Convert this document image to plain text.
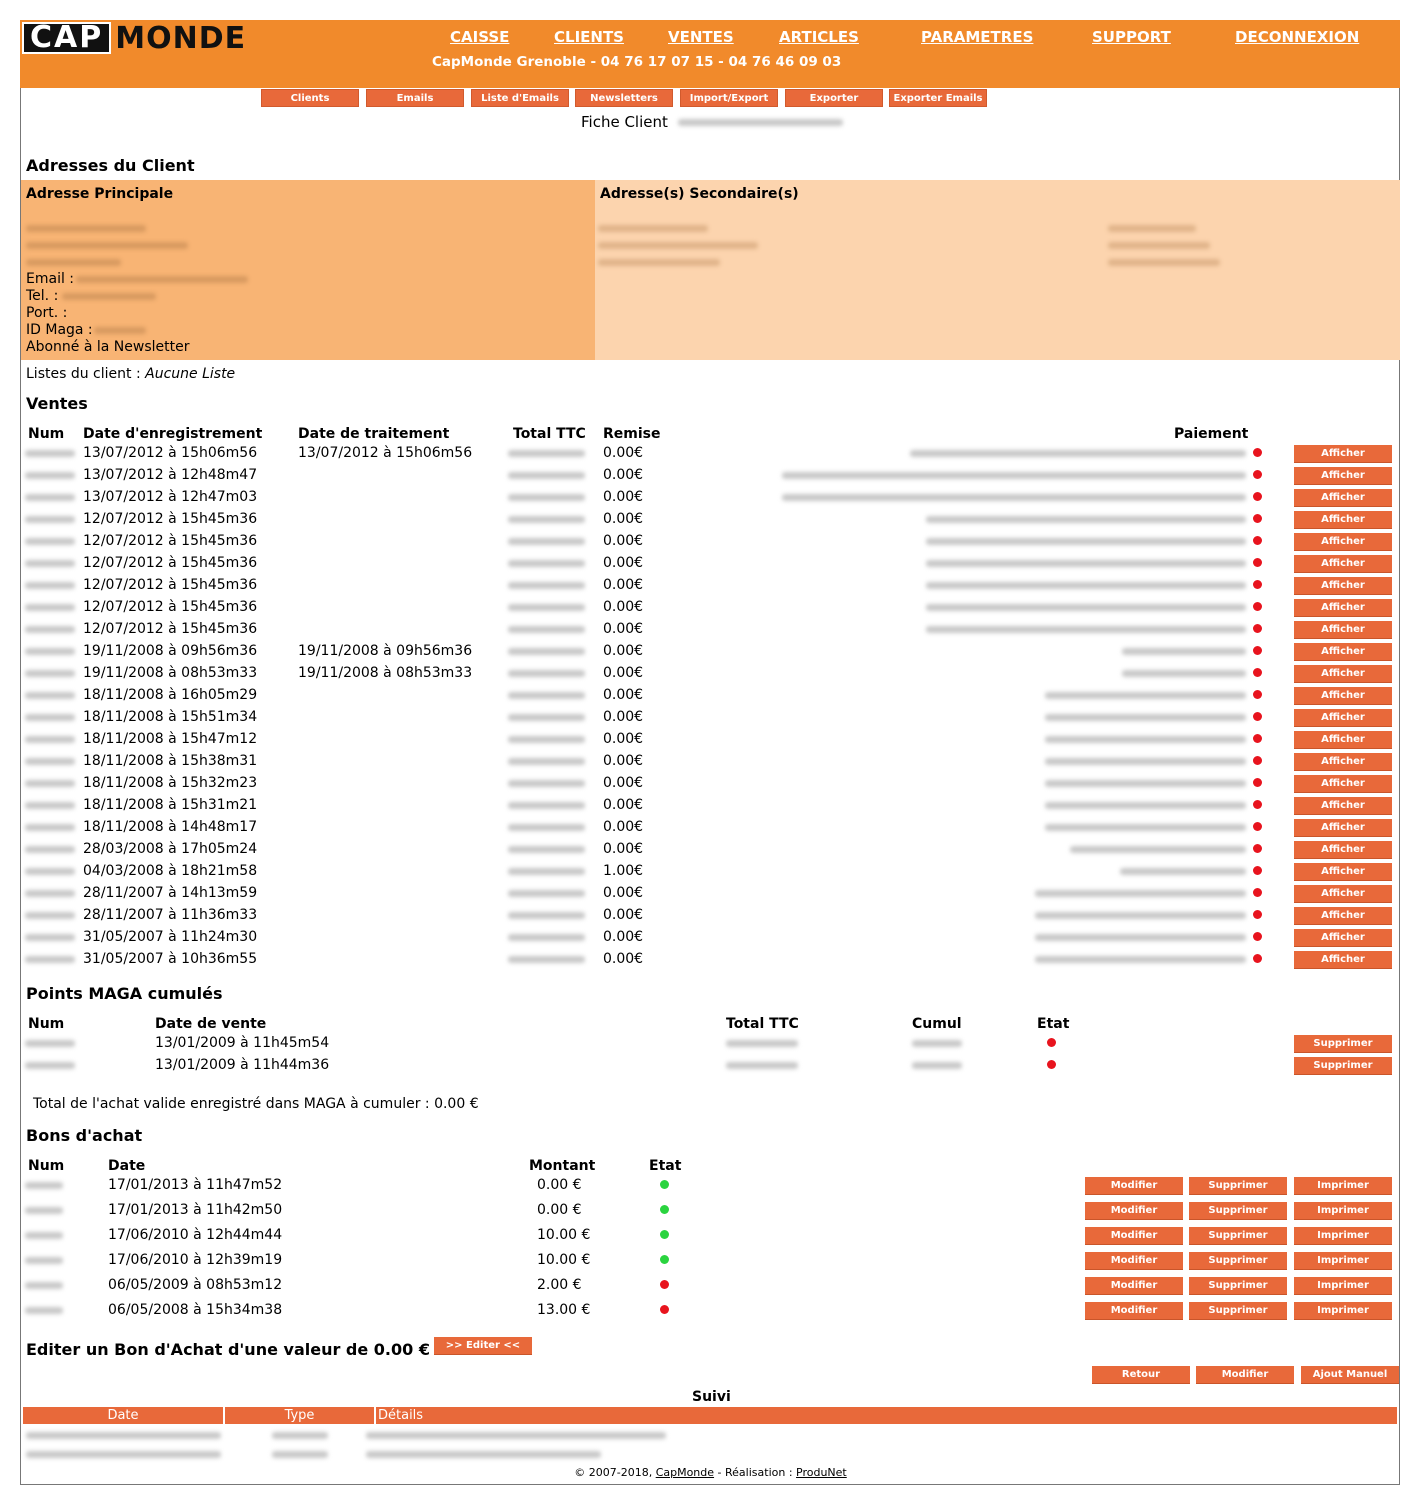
CAP MONDE	CAISSE	CLIENTS	VENTES	ARTICLES	PARAMETRES	SUPPORT	DECONNEXION
CapMonde Grenoble - 04 76 17 07 15 - 04 76 46 09 03
Clients	Emails	Liste d'Emails	Newsletters	Import/Export	Exporter	Exporter Emails
Fiche Client
Adresses du Client
Adresse Principale	Adresse(s) Secondaire(s)
Email :
Tel. :
Port. :
ID Maga :
Abonné à la Newsletter
Listes du client : Aucune Liste
Ventes
Num Date d'enregistrement	Date de traitement	Total TTC Remise	Paiement
13/07/2012 à 15h06m56	13/07/2012 à 15h06m56	0.00€	Afficher
13/07/2012 à 12h48m47	0.00€	Afficher
13/07/2012 à 12h47m03	0.00€	Afficher
12/07/2012 à 15h45m36	0.00€	Afficher
12/07/2012 à 15h45m36	0.00€	Afficher
12/07/2012 à 15h45m36	0.00€	Afficher
12/07/2012 à 15h45m36	0.00€	Afficher
12/07/2012 à 15h45m36	0.00€	Afficher
12/07/2012 à 15h45m36	0.00€	Afficher
19/11/2008 à 09h56m36	19/11/2008 à 09h56m36	0.00€	Afficher
19/11/2008 à 08h53m33	19/11/2008 à 08h53m33	0.00€	Afficher
18/11/2008 à 16h05m29	0.00€	Afficher
18/11/2008 à 15h51m34	0.00€	Afficher
18/11/2008 à 15h47m12	0.00€	Afficher
18/11/2008 à 15h38m31	0.00€	Afficher
18/11/2008 à 15h32m23	0.00€	Afficher
18/11/2008 à 15h31m21	0.00€	Afficher
18/11/2008 à 14h48m17	0.00€	Afficher
28/03/2008 à 17h05m24	0.00€	Afficher
04/03/2008 à 18h21m58	1.00€	Afficher
28/11/2007 à 14h13m59	0.00€	Afficher
28/11/2007 à 11h36m33	0.00€	Afficher
31/05/2007 à 11h24m30	0.00€	Afficher
31/05/2007 à 10h36m55	0.00€	Afficher
Points MAGA cumulés
Num	Date de vente	Total TTC	Cumul	Etat
13/01/2009 à 11h45m54	Supprimer
13/01/2009 à 11h44m36	Supprimer
Total de l'achat valide enregistré dans MAGA à cumuler : 0.00 €
Bons d'achat
Num	Date	Montant	Etat
17/01/2013 à 11h47m52	0.00 €	Modifier	Supprimer	Imprimer
17/01/2013 à 11h42m50	0.00 €	Modifier	Supprimer	Imprimer
17/06/2010 à 12h44m44	10.00 €	Modifier	Supprimer	Imprimer
17/06/2010 à 12h39m19	10.00 €	Modifier	Supprimer	Imprimer
06/05/2009 à 08h53m12	2.00 €	Modifier	Supprimer	Imprimer
06/05/2008 à 15h34m38	13.00 €	Modifier	Supprimer	Imprimer
Editer un Bon d'Achat d'une valeur de 0.00 €	>> Editer <<
Retour	Modifier	Ajout Manuel
Suivi
Date	Type	Détails
© 2007-2018, CapMonde - Réalisation : ProduNet
